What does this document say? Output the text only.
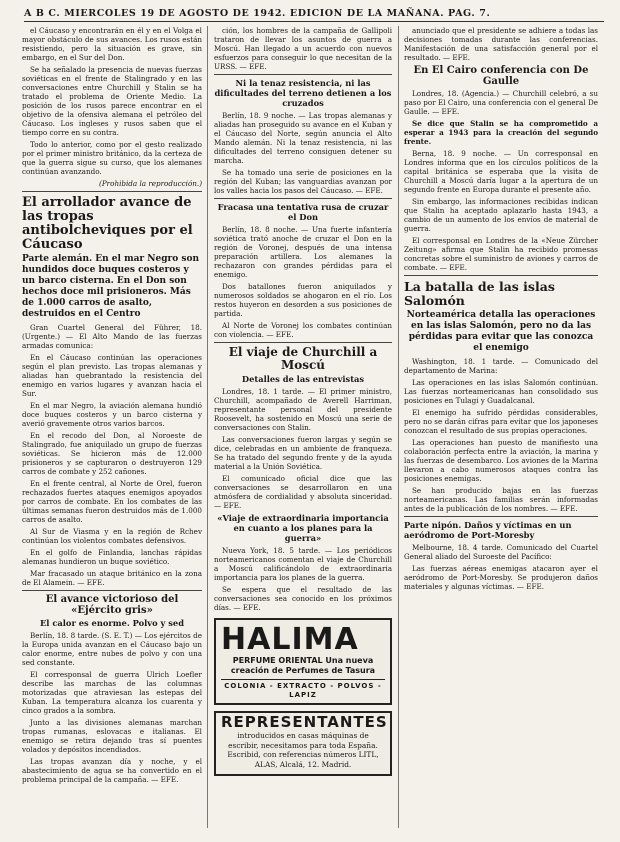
A B C. MIERCOLES 19 DE AGOSTO DE 1942. EDICION DE LA MAÑANA. PAG. 7.

el Cáucaso y encontrarán en él y en el Volga el mayor obstáculo de sus avances. Los rusos están resistiendo, pero la situación es grave, sin embargo, en el Sur del Don.

Se ha señalado la presencia de nuevas fuerzas soviéticas en el frente de Stalingrado y en las conversaciones entre Churchill y Stalin se ha tratado el problema de Oriente Medio. La posición de los rusos parece encontrar en el objetivo de la ofensiva alemana el petróleo del Cáucaso. Los ingleses y rusos saben que el tiempo corre en su contra.

Todo lo anterior, como por el gesto realizado por el primer ministro británico, da la certeza de que la guerra sigue su curso, que los alemanes continúan avanzando.

(Prohibida la reproducción.)
El arrollador avance de las tropas antibolcheviques por el Cáucaso
Parte alemán. En el mar Negro son hundidos doce buques costeros y un barco cisterna. En el Don son hechos doce mil prisioneros. Más de 1.000 carros de asalto, destruidos en el Centro

Gran Cuartel General del Führer, 18. (Urgente.) — El Alto Mando de las fuerzas armadas comunica:

En el Cáucaso continúan las operaciones según el plan previsto. Las tropas alemanas y aliadas han quebrantado la resistencia del enemigo en varios lugares y avanzan hacia el Sur.

En el mar Negro, la aviación alemana hundió doce buques costeros y un barco cisterna y averió gravemente otros varios barcos.

En el recodo del Don, al Noroeste de Stalingrado, fue aniquilado un grupo de fuerzas soviéticas. Se hicieron más de 12.000 prisioneros y se capturaron o destruyeron 129 carros de combate y 252 cañones.

En el frente central, al Norte de Orel, fueron rechazados fuertes ataques enemigos apoyados por carros de combate. En los combates de las últimas semanas fueron destruidos más de 1.000 carros de asalto.

Al Sur de Viasma y en la región de Rchev continúan los violentos combates defensivos.

En el golfo de Finlandia, lanchas rápidas alemanas hundieron un buque soviético.

Mar fracasado un ataque británico en la zona de El Alamein. — EFE.

El avance victorioso del «Ejército gris»
El calor es enorme. Polvo y sed

Berlín, 18. 8 tarde. (S. E. T.) — Los ejércitos de la Europa unida avanzan en el Cáucaso bajo un calor enorme, entre nubes de polvo y con una sed constante.

El corresponsal de guerra Ulrich Loefler describe las marchas de las columnas motorizadas que atraviesan las estepas del Kuban. La temperatura alcanza los cuarenta y cinco grados a la sombra.

Junto a las divisiones alemanas marchan tropas rumanas, eslovacas e italianas. El enemigo se retira dejando tras sí puentes volados y depósitos incendiados.

Las tropas avanzan día y noche, y el abastecimiento de agua se ha convertido en el problema principal de la campaña. — EFE.

ción, los hombres de la campaña de Gallipoli trataron de llevar los asuntos de guerra a Moscú. Han llegado a un acuerdo con nuevos esfuerzos para conseguir lo que necesitan de la URSS. — EFE.

Ni la tenaz resistencia, ni las dificultades del terreno detienen a los cruzados

Berlín, 18. 9 noche. — Las tropas alemanas y aliadas han proseguido su avance en el Kuban y el Cáucaso del Norte, según anuncia el Alto Mando alemán. Ni la tenaz resistencia, ni las dificultades del terreno consiguen detener su marcha.

Se ha tomado una serie de posiciones en la región del Kuban; las vanguardias avanzan por los valles hacia los pasos del Cáucaso. — EFE.

Fracasa una tentativa rusa de cruzar el Don

Berlín, 18. 8 noche. — Una fuerte infantería soviética trató anoche de cruzar el Don en la región de Voronej, después de una intensa preparación artillera. Los alemanes la rechazaron con grandes pérdidas para el enemigo.

Dos batallones fueron aniquilados y numerosos soldados se ahogaron en el río. Los restos huyeron en desorden a sus posiciones de partida.

Al Norte de Voronej los combates continúan con violencia. — EFE.

El viaje de Churchill a Moscú
Detalles de las entrevistas

Londres, 18. 1 tarde. — El primer ministro, Churchill, acompañado de Averell Harriman, representante personal del presidente Roosevelt, ha sostenido en Moscú una serie de conversaciones con Stalin.

Las conversaciones fueron largas y según se dice, celebradas en un ambiente de franqueza. Se ha tratado del segundo frente y de la ayuda material a la Unión Soviética.

El comunicado oficial dice que las conversaciones se desarrollaron en una atmósfera de cordialidad y absoluta sinceridad. — EFE.

«Viaje de extraordinaria importancia en cuanto a los planes para la guerra»

Nueva York, 18. 5 tarde. — Los periódicos norteamericanos comentan el viaje de Churchill a Moscú calificándolo de extraordinaria importancia para los planes de la guerra.

Se espera que el resultado de las conversaciones sea conocido en los próximos días. — EFE.

HALIMA
PERFUME ORIENTAL Una nueva creación de Perfumes de Tasura
COLONIA - EXTRACTO - POLVOS - LAPIZ
REPRESENTANTES
introducidos en casas máquinas de escribir, necesitamos para toda España. Escribid, con referencias números LITL, ALAS, Alcalá, 12. Madrid.

anunciado que el presidente se adhiere a todas las decisiones tomadas durante las conferencias. Manifestación de una satisfacción general por el resultado. — EFE.

En El Cairo conferencia con De Gaulle

Londres, 18. (Agencia.) — Churchill celebró, a su paso por El Cairo, una conferencia con el general De Gaulle. — EFE.

Se dice que Stalin se ha comprometido a esperar a 1943 para la creación del segundo frente.

Berna, 18. 9 noche. — Un corresponsal en Londres informa que en los círculos políticos de la capital británica se esperaba que la visita de Churchill a Moscú daría lugar a la apertura de un segundo frente en Europa durante el presente año.

Sin embargo, las informaciones recibidas indican que Stalin ha aceptado aplazarlo hasta 1943, a cambio de un aumento de los envíos de material de guerra.

El corresponsal en Londres de la «Neue Zürcher Zeitung» afirma que Stalin ha recibido promesas concretas sobre el suministro de aviones y carros de combate. — EFE.

La batalla de las islas Salomón
Norteamérica detalla las operaciones en las islas Salomón, pero no da las pérdidas para evitar que las conozca el enemigo

Washington, 18. 1 tarde. — Comunicado del departamento de Marina:

Las operaciones en las islas Salomón continúan. Las fuerzas norteamericanas han consolidado sus posiciones en Tulagi y Guadalcanal.

El enemigo ha sufrido pérdidas considerables, pero no se darán cifras para evitar que los japoneses conozcan el resultado de sus propias operaciones.

Las operaciones han puesto de manifiesto una colaboración perfecta entre la aviación, la marina y las fuerzas de desembarco. Los aviones de la Marina llevaron a cabo numerosos ataques contra las posiciones enemigas.

Se han producido bajas en las fuerzas norteamericanas. Las familias serán informadas antes de la publicación de los nombres. — EFE.

Parte nipón. Daños y víctimas en un aeródromo de Port-Moresby

Melbourne, 18. 4 tarde. Comunicado del Cuartel General aliado del Suroeste del Pacífico:

Las fuerzas aéreas enemigas atacaron ayer el aeródromo de Port-Moresby. Se produjeron daños materiales y algunas víctimas. — EFE.
